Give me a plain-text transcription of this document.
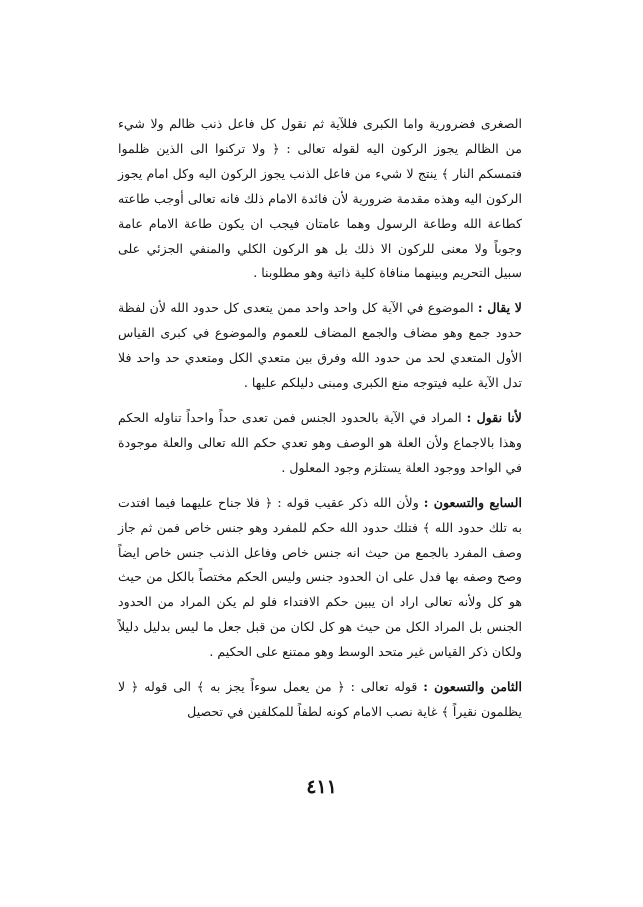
الصغرى فضرورية واما الكبرى فللآية ثم نقول كل فاعل ذنب ظالم ولا شيء من الظالم يجوز الركون اليه لقوله تعالى : ﴿ ولا تركنوا الى الذين ظلموا فتمسكم النار ﴾ ينتج لا شيء من فاعل الذنب يجوز الركون اليه وكل امام يجوز الركون اليه وهذه مقدمة ضرورية لأن فائدة الامام ذلك فانه تعالى أوجب طاعته كطاعة الله وطاعة الرسول وهما عامتان فيجب ان يكون طاعة الامام عامة وجوباً ولا معنى للركون الا ذلك بل هو الركون الكلي والمنفي الجزئي على سبيل التحريم وبينهما منافاة كلية ذاتية وهو مطلوبنا .

لا يقال : الموضوع في الآية كل واحد واحد ممن يتعدى كل حدود الله لأن لفظة حدود جمع وهو مضاف والجمع المضاف للعموم والموضوع في كبرى القياس الأول المتعدي لحد من حدود الله وفرق بين متعدي الكل ومتعدي حد واحد فلا تدل الآية عليه فيتوجه منع الكبرى ومبنى دليلكم عليها .

لأنا نقول : المراد في الآية بالحدود الجنس فمن تعدى حداً واحداً تناوله الحكم وهذا بالاجماع ولأن العلة هو الوصف وهو تعدي حكم الله تعالى والعلة موجودة في الواحد ووجود العلة يستلزم وجود المعلول .

السابع والتسعون : ولأن الله ذكر عقيب قوله : ﴿ فلا جناح عليهما فيما افتدت به تلك حدود الله ﴾ فتلك حدود الله حكم للمفرد وهو جنس خاص فمن ثم جاز وصف المفرد بالجمع من حيث انه جنس خاص وفاعل الذنب جنس خاص ايضاً وصح وصفه بها فدل على ان الحدود جنس وليس الحكم مختصاً بالكل من حيث هو كل ولأنه تعالى اراد ان يبين حكم الافتداء فلو لم يكن المراد من الحدود الجنس بل المراد الكل من حيث هو كل لكان من قبل جعل ما ليس بدليل دليلاً ولكان ذكر القياس غير متحد الوسط وهو ممتنع على الحكيم .

الثامن والتسعون : قوله تعالى : ﴿ من يعمل سوءاً يجز به ﴾ الى قوله ﴿ لا يظلمون نقيراً ﴾ غاية نصب الامام كونه لطفاً للمكلفين في تحصيل

٤١١
